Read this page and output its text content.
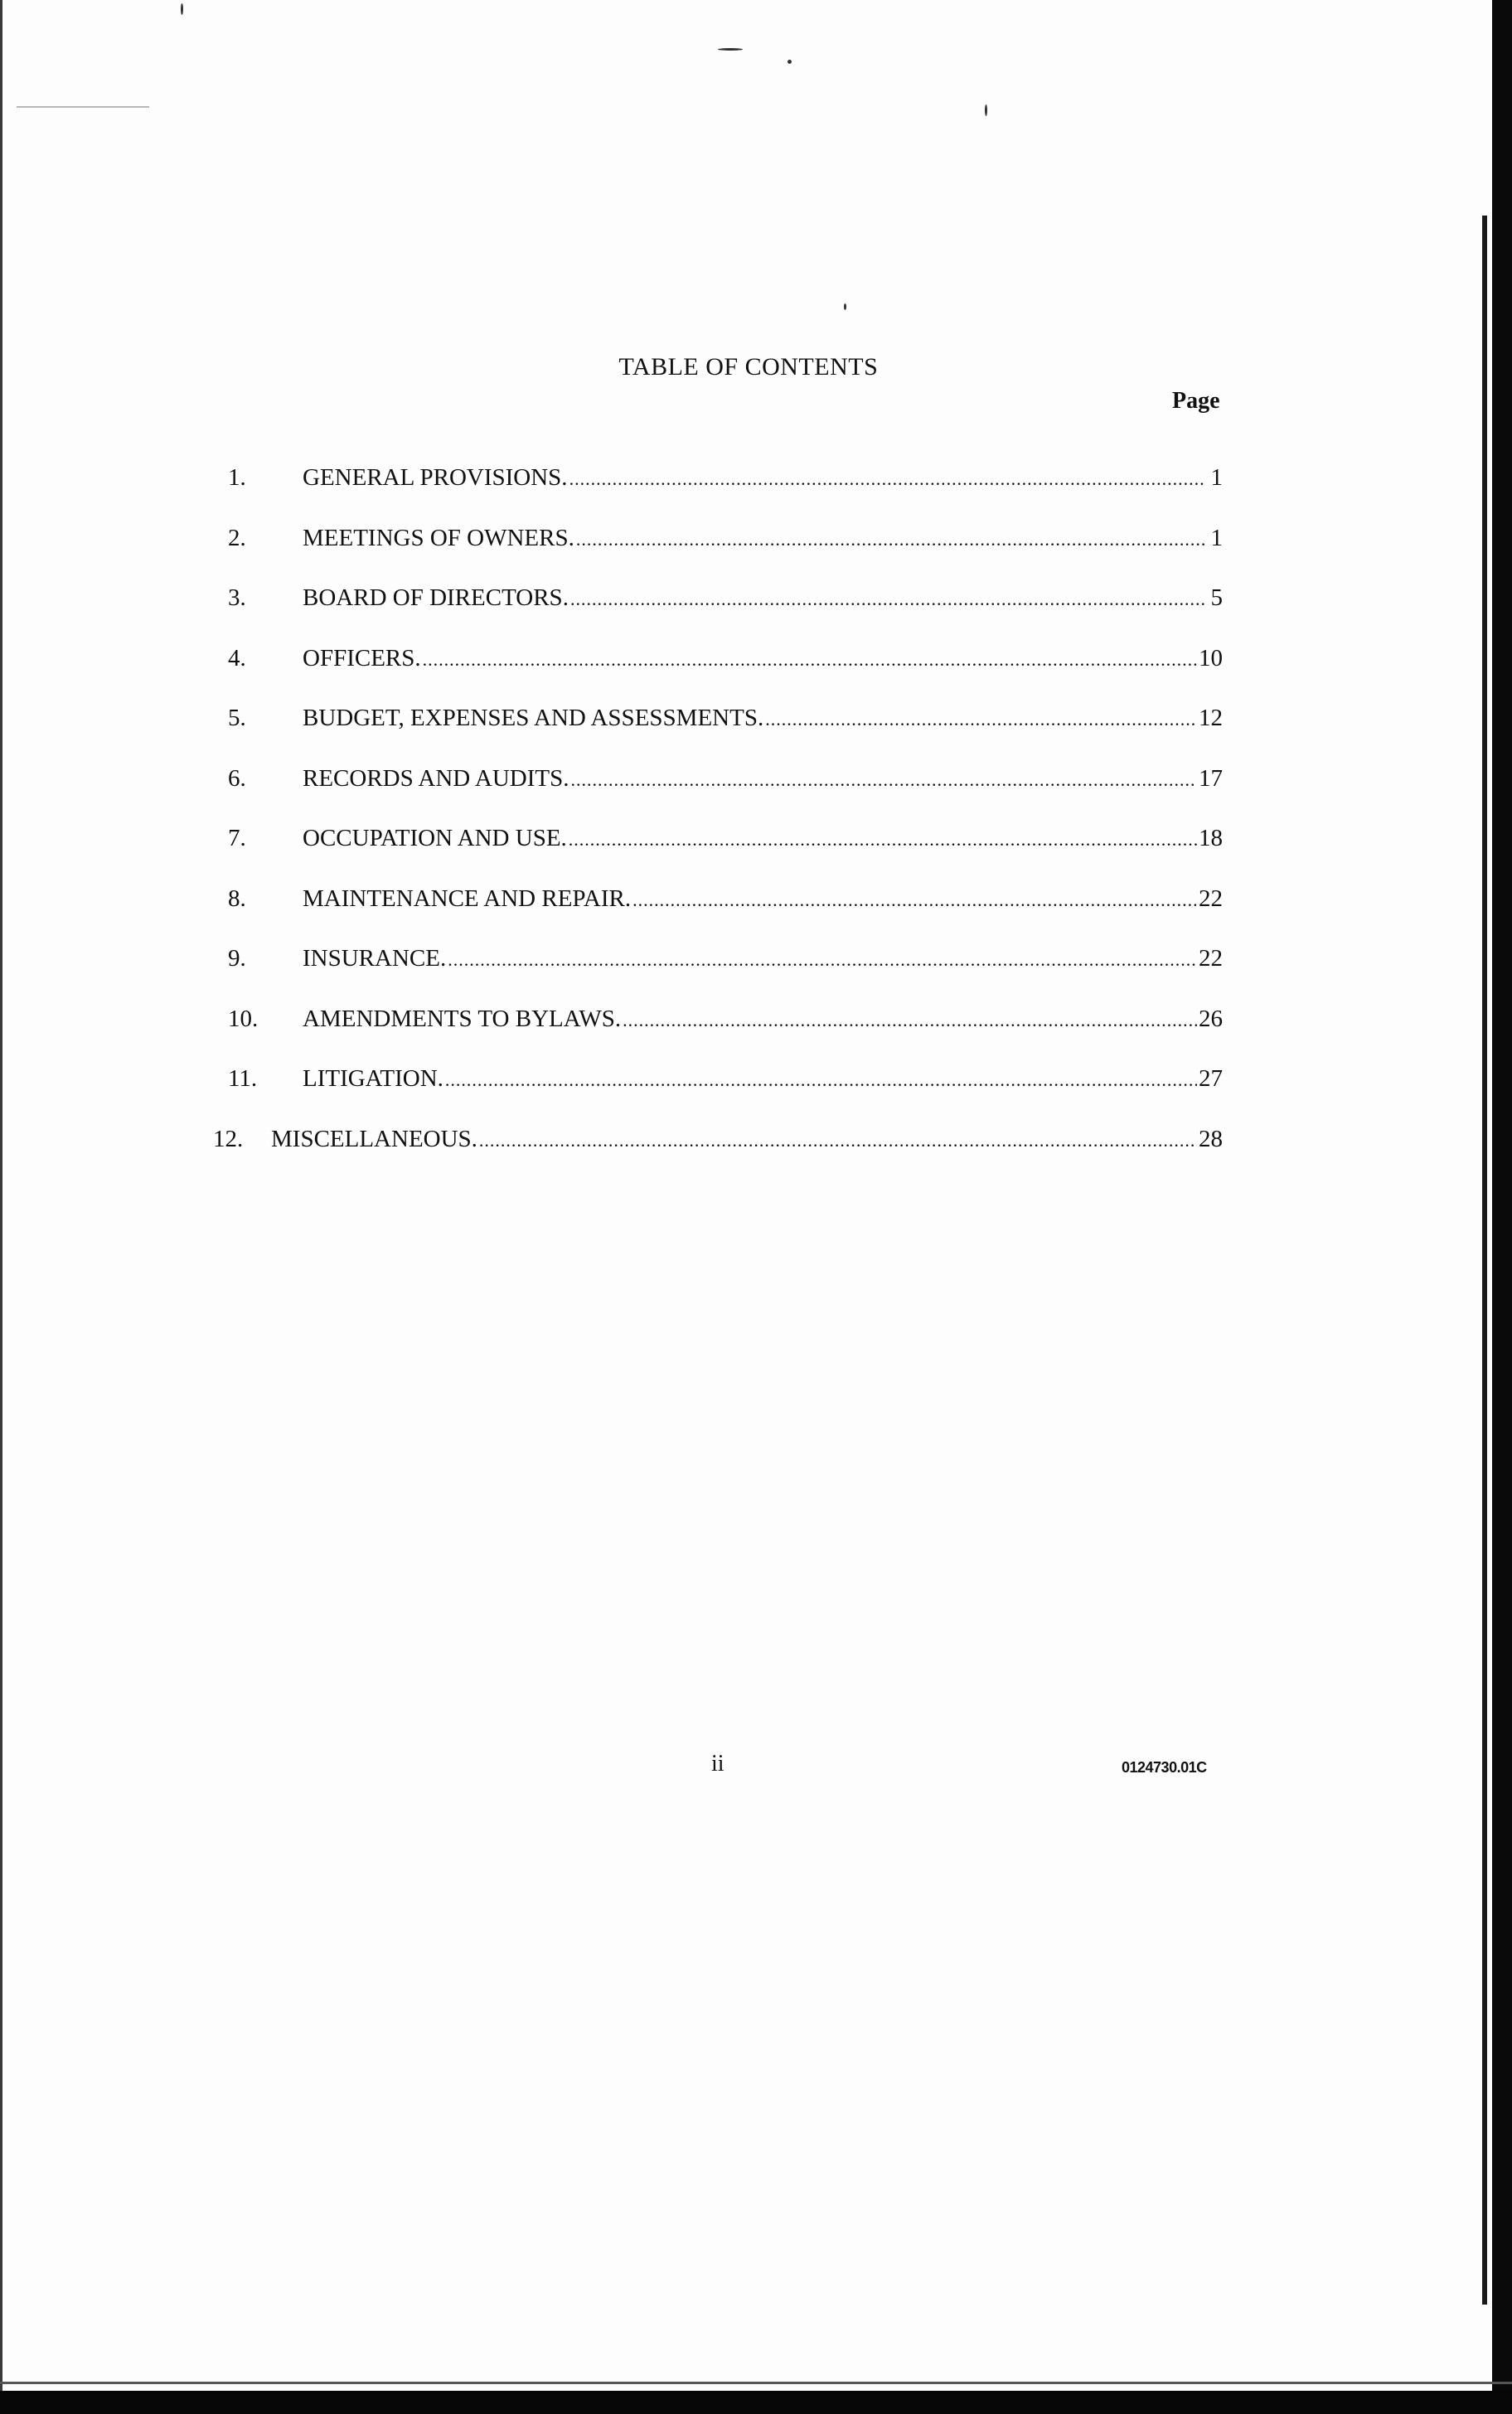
TABLE OF CONTENTS
Page
1.	GENERAL PROVISIONS. .....	1
2.	MEETINGS OF OWNERS. .....	1
3.	BOARD OF DIRECTORS. .....	5
4.	OFFICERS. .....	10
5.	BUDGET, EXPENSES AND ASSESSMENTS. .....	12
6.	RECORDS AND AUDITS. .....	17
7.	OCCUPATION AND USE. .....	18
8.	MAINTENANCE AND REPAIR. .....	22
9.	INSURANCE. .....	22
10.	AMENDMENTS TO BYLAWS. .....	26
11.	LITIGATION. .....	27
12.	MISCELLANEOUS. .....	28
ii	0124730.01C
